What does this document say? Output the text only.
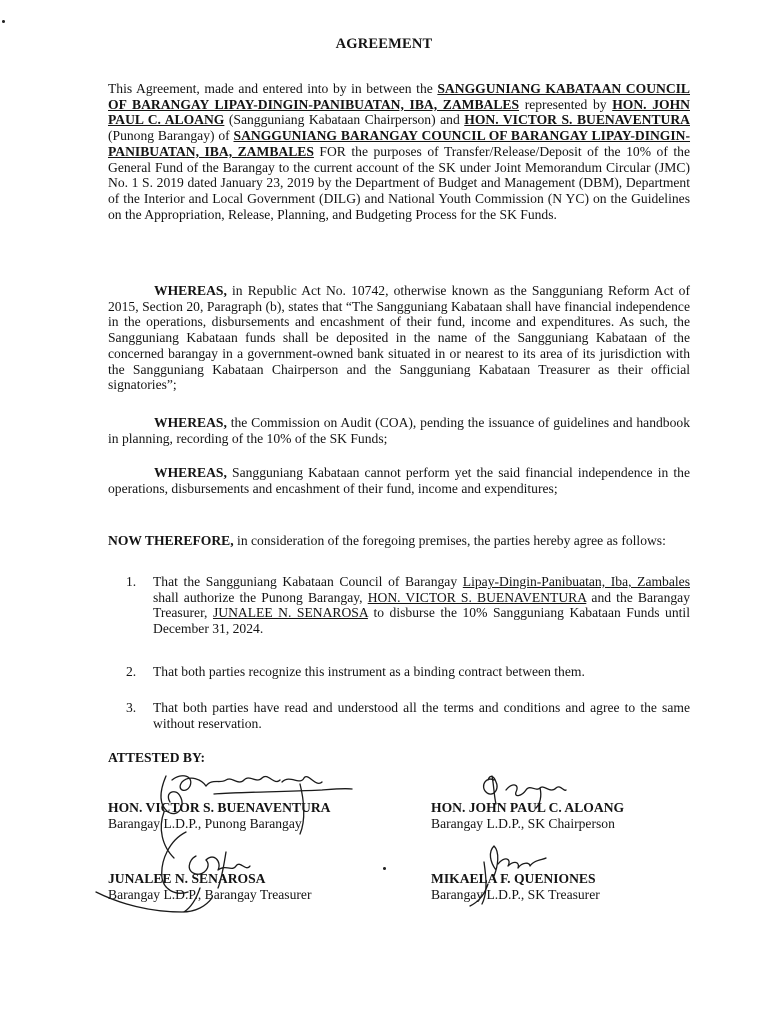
AGREEMENT

This Agreement, made and entered into by in between the SANGGUNIANG KABATAAN COUNCIL OF BARANGAY LIPAY-DINGIN-PANIBUATAN, IBA, ZAMBALES represented by HON. JOHN PAUL C. ALOANG (Sangguniang Kabataan Chairperson) and HON. VICTOR S. BUENAVENTURA (Punong Barangay) of SANGGUNIANG BARANGAY COUNCIL OF BARANGAY LIPAY-DINGIN-PANIBUATAN, IBA, ZAMBALES FOR the purposes of Transfer/Release/Deposit of the 10% of the General Fund of the Barangay to the current account of the SK under Joint Memorandum Circular (JMC) No. 1 S. 2019 dated January 23, 2019 by the Department of Budget and Management (DBM), Department of the Interior and Local Government (DILG) and National Youth Commission (N YC) on the Guidelines on the Appropriation, Release, Planning, and Budgeting Process for the SK Funds.

WHEREAS, in Republic Act No. 10742, otherwise known as the Sangguniang Reform Act of 2015, Section 20, Paragraph (b), states that “The Sangguniang Kabataan shall have financial independence in the operations, disbursements and encashment of their fund, income and expenditures. As such, the Sangguniang Kabataan funds shall be deposited in the name of the Sangguniang Kabataan of the concerned barangay in a government-owned bank situated in or nearest to its area of its jurisdiction with the Sangguniang Kabataan Chairperson and the Sangguniang Kabataan Treasurer as their official signatories”;

WHEREAS, the Commission on Audit (COA), pending the issuance of guidelines and handbook in planning, recording of the 10% of the SK Funds;

WHEREAS, Sangguniang Kabataan cannot perform yet the said financial independence in the operations, disbursements and encashment of their fund, income and expenditures;

NOW THEREFORE, in consideration of the foregoing premises, the parties hereby agree as follows:

1. That the Sangguniang Kabataan Council of Barangay Lipay-Dingin-Panibuatan, Iba, Zambales shall authorize the Punong Barangay, HON. VICTOR S. BUENAVENTURA and the Barangay Treasurer, JUNALEE N. SENAROSA to disburse the 10% Sangguniang Kabataan Funds until December 31, 2024.
2. That both parties recognize this instrument as a binding contract between them.
3. That both parties have read and understood all the terms and conditions and agree to the same without reservation.
ATTESTED BY:
HON. VICTOR S. BUENAVENTURA
Barangay L.D.P., Punong Barangay
HON. JOHN PAUL C. ALOANG
Barangay L.D.P., SK Chairperson
JUNALEE N. SENAROSA
Barangay L.D.P., Barangay Treasurer
MIKAELA F. QUENIONES
Barangay L.D.P., SK Treasurer
